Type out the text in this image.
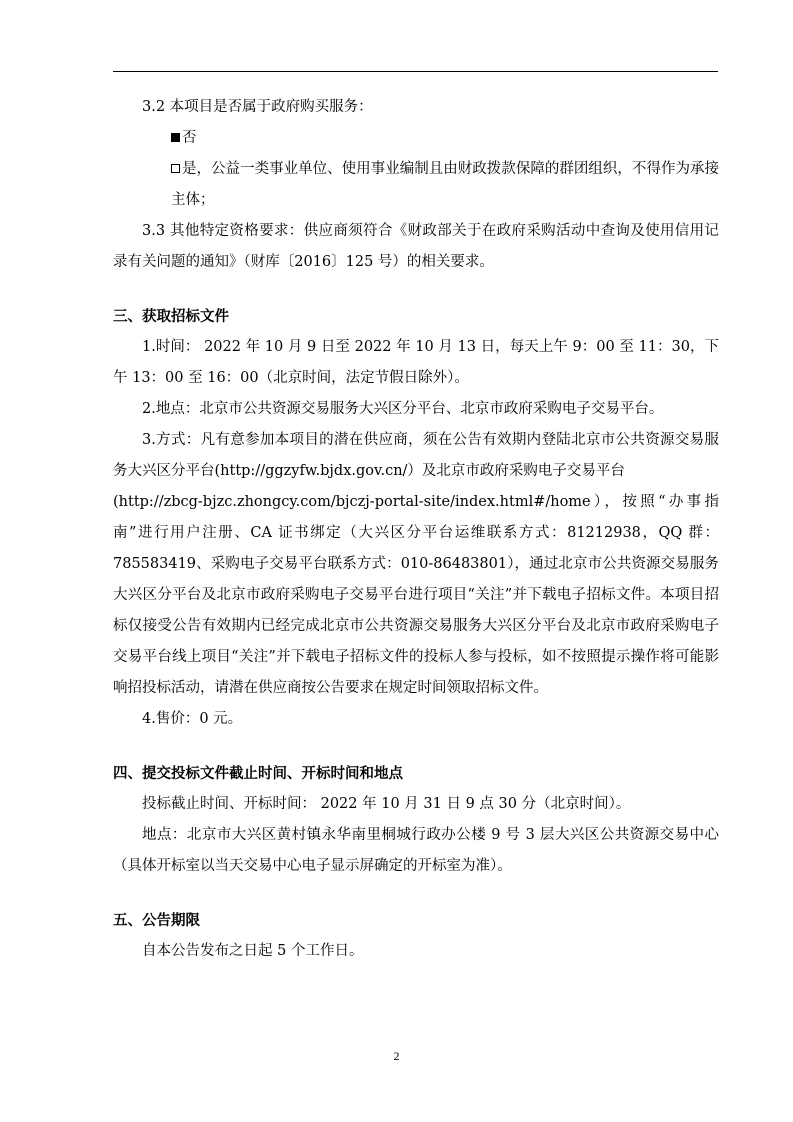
3.2 本项目是否属于政府购买服务：

否

是，公益一类事业单位、使用事业编制且由财政拨款保障的群团组织，不得作为承接主体；

3.3 其他特定资格要求：供应商须符合《财政部关于在政府采购活动中查询及使用信用记录有关问题的通知》（财库〔2016〕125 号）的相关要求。

三、获取招标文件

1.时间： 2022 年 10 月 9 日至 2022 年 10 月 13 日，每天上午 9：00 至 11：30，下午 13：00 至 16：00（北京时间，法定节假日除外）。

2.地点：北京市公共资源交易服务大兴区分平台、北京市政府采购电子交易平台。

3.方式：凡有意参加本项目的潜在供应商，须在公告有效期内登陆北京市公共资源交易服务大兴区分平台(http://ggzyfw.bjdx.gov.cn/）及北京市政府采购电子交易平台

(http://zbcg-bjzc.zhongcy.com/bjczj-portal-site/index.html#/home），按照“办事指南”进行用户注册、CA 证书绑定（大兴区分平台运维联系方式：81212938，QQ 群：785583419、采购电子交易平台联系方式：010-86483801），通过北京市公共资源交易服务大兴区分平台及北京市政府采购电子交易平台进行项目“关注”并下载电子招标文件。本项目招标仅接受公告有效期内已经完成北京市公共资源交易服务大兴区分平台及北京市政府采购电子交易平台线上项目“关注”并下载电子招标文件的投标人参与投标，如不按照提示操作将可能影响招投标活动，请潜在供应商按公告要求在规定时间领取招标文件。

4.售价：0 元。

四、提交投标文件截止时间、开标时间和地点

投标截止时间、开标时间： 2022 年 10 月 31 日 9 点 30 分（北京时间）。

地点：北京市大兴区黄村镇永华南里桐城行政办公楼 9 号 3 层大兴区公共资源交易中心（具体开标室以当天交易中心电子显示屏确定的开标室为准）。

五、公告期限

自本公告发布之日起 5 个工作日。

2
